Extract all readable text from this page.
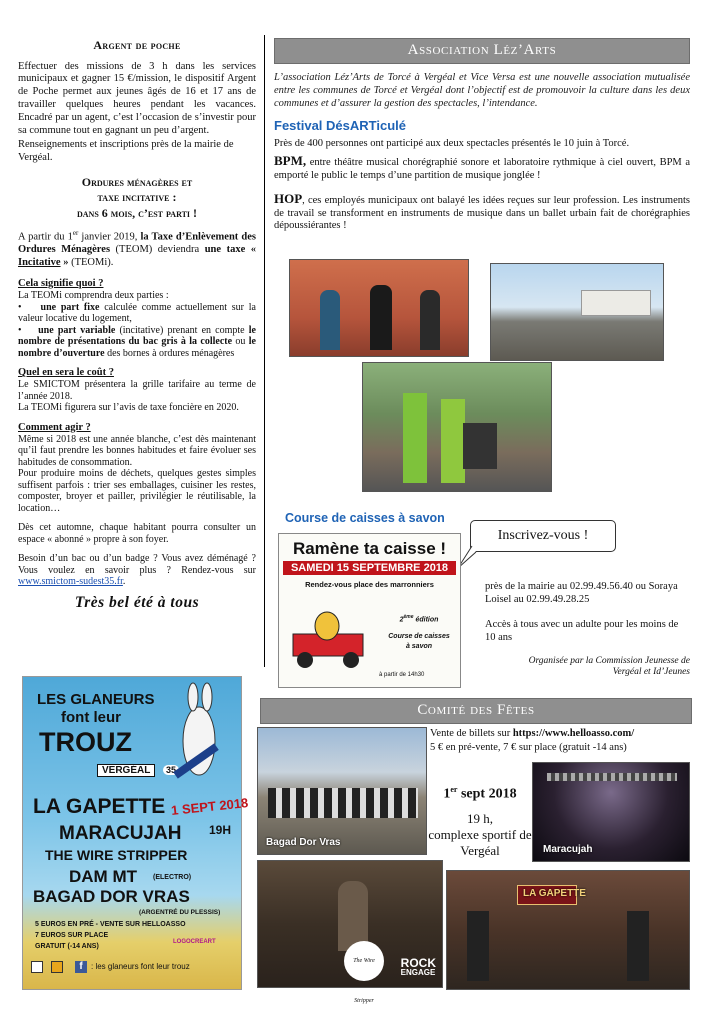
Argent de poche

Effectuer des missions de 3 h dans les services municipaux et gagner 15 €/mission, le dispositif Argent de Poche permet aux jeunes âgés de 16 et 17 ans de travailler quelques heures pendant les vacances. Encadré par un agent, c’est l’occasion de s’investir pour sa commune tout en gagnant un peu d’argent.

Renseignements et inscriptions près de la mairie de Vergéal.

Ordures ménagères et
taxe incitative :
dans 6 mois, c’est parti !

A partir du 1er janvier 2019, la Taxe d’Enlèvement des Ordures Ménagères (TEOM) deviendra une taxe « Incitative » (TEOMi).

Cela signifie quoi ?
La TEOMi comprendra deux parties :
•    une part fixe calculée comme actuellement sur la valeur locative du logement,
•    une part variable (incitative) prenant en compte le nombre de présentations du bac gris à la collecte ou le nombre d’ouverture des bornes à ordures ménagères
Quel en sera le coût ?
Le SMICTOM présentera la grille tarifaire au terme de l’année 2018.
La TEOMi figurera sur l’avis de taxe foncière en 2020.
Comment agir ?
Même si 2018 est une année blanche, c’est dès maintenant qu’il faut prendre les bonnes habitudes et faire évoluer ses habitudes de consommation.
Pour produire moins de déchets, quelques gestes simples suffisent parfois : trier ses emballages, cuisiner les restes, composter, broyer et pailler, privilégier le réutilisable, la location…
Dès cet automne, chaque habitant pourra consulter un espace « abonné » propre à son foyer.
Besoin d’un bac ou d’un badge ? Vous avez déménagé ? Vous voulez en savoir plus ? Rendez-vous sur www.smictom-sudest35.fr.
Très bel été à tous
LES GLANEURS
font leur
TROUZ
VERGÉAL	35
LA GAPETTE 1 SEPT 2018
19H
MARACUJAH
THE WIRE STRIPPER
DAM MT (ELECTRO)
BAGAD DOR VRAS
(ARGENTRÉ DU PLESSIS)
5 EUROS EN PRÉ - VENTE SUR HELLOASSO
7 EUROS SUR PLACE
GRATUIT (-14 ANS)
LOGOCREART
f	: les glaneurs font leur trouz
Association Léz’Arts

L’association Léz’Arts de Torcé à Vergéal et Vice Versa est une nouvelle association mutualisée entre les communes de Torcé et Vergéal dont l’objectif est de promouvoir la culture dans les deux communes et d’assurer la gestion des spectacles, l’intendance.

Festival DésARTiculé

Près de 400 personnes ont participé aux deux spectacles présentés le 10 juin à Torcé.

BPM, entre théâtre musical chorégraphié sonore et laboratoire rythmique à ciel ouvert, BPM a emporté le public le temps d’une partition de musique jonglée !

HOP, ces employés municipaux ont balayé les idées reçues sur leur profession. Les instruments de travail se transforment en instruments de musique dans un ballet urbain fait de chorégraphies dépoussiérantes !

Course de caisses à savon
Inscrivez-vous !
Ramène ta caisse !
SAMEDI 15 SEPTEMBRE 2018
Rendez-vous place des marronniers
2ème édition
Course de caisses
à savon
à partir de 14h30
près de la mairie au 02.99.49.56.40 ou Soraya Loisel au 02.99.49.28.25
Accès à tous avec un adulte pour les moins de 10 ans
Organisée par la Commission Jeunesse de Vergéal et Id’Jeunes
Comité des Fêtes
Vente de billets sur https://www.helloasso.com/
5 € en pré-vente, 7 € sur place (gratuit -14 ans)
1er sept 2018
19 h,
complexe sportif de Vergéal
Bagad Dor Vras
Maracujah
The Wire Stripper
ROCK
ENGAGE
LA GAPETTE
